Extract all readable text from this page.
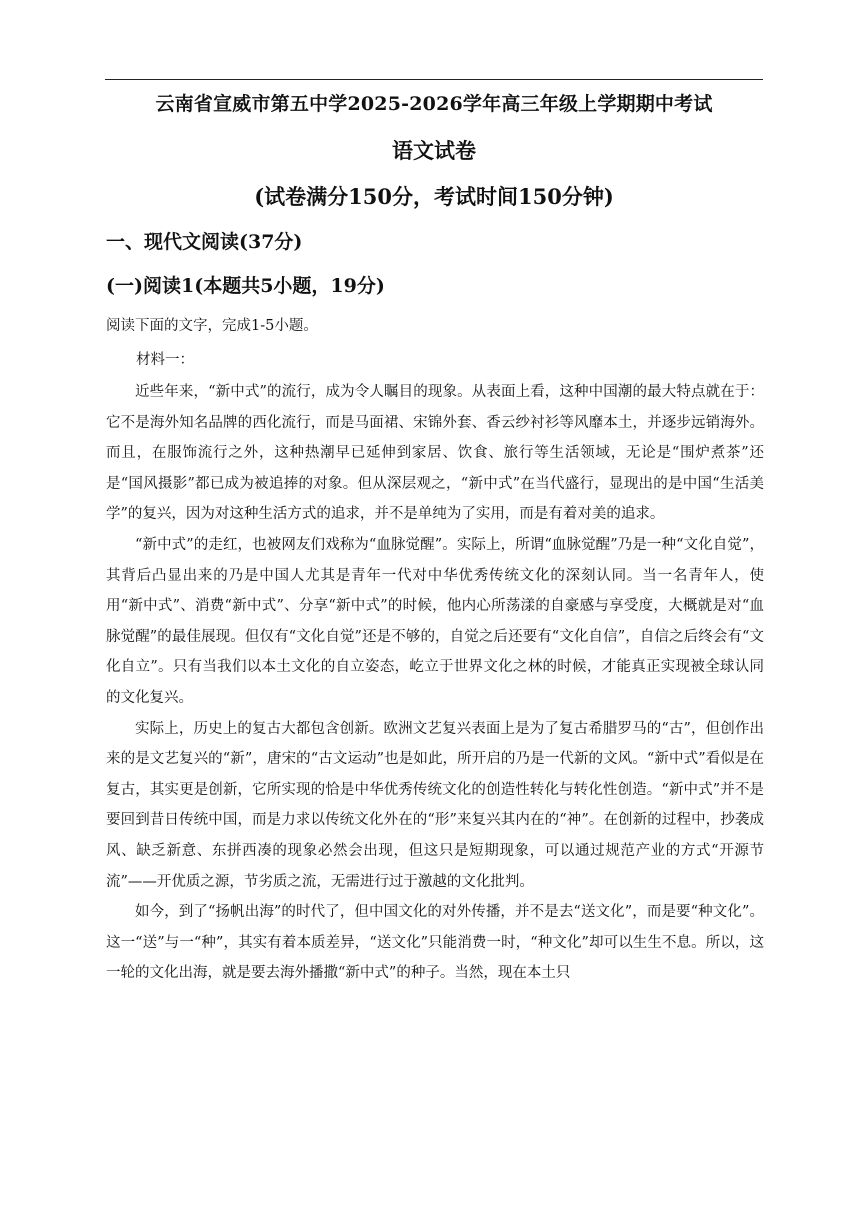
云南省宣威市第五中学2025-2026学年高三年级上学期期中考试
语文试卷
(试卷满分150分，考试时间150分钟)
一、现代文阅读(37分)
(一)阅读1(本题共5小题，19分)
阅读下面的文字，完成1-5小题。
材料一：

近些年来，“新中式”的流行，成为令人瞩目的现象。从表面上看，这种中国潮的最大特点就在于：它不是海外知名品牌的西化流行，而是马面裙、宋锦外套、香云纱衬衫等风靡本土，并逐步远销海外。而且，在服饰流行之外，这种热潮早已延伸到家居、饮食、旅行等生活领域，无论是“围炉煮茶”还是“国风摄影”都已成为被追捧的对象。但从深层观之，“新中式”在当代盛行，显现出的是中国“生活美学”的复兴，因为对这种生活方式的追求，并不是单纯为了实用，而是有着对美的追求。

“新中式”的走红，也被网友们戏称为“血脉觉醒”。实际上，所谓“血脉觉醒”乃是一种“文化自觉”，其背后凸显出来的乃是中国人尤其是青年一代对中华优秀传统文化的深刻认同。当一名青年人，使用“新中式”、消费“新中式”、分享“新中式”的时候，他内心所荡漾的自豪感与享受度，大概就是对“血脉觉醒”的最佳展现。但仅有“文化自觉”还是不够的，自觉之后还要有“文化自信”，自信之后终会有“文化自立”。只有当我们以本土文化的自立姿态，屹立于世界文化之林的时候，才能真正实现被全球认同的文化复兴。

实际上，历史上的复古大都包含创新。欧洲文艺复兴表面上是为了复古希腊罗马的“古”，但创作出来的是文艺复兴的“新”，唐宋的“古文运动”也是如此，所开启的乃是一代新的文风。“新中式”看似是在复古，其实更是创新，它所实现的恰是中华优秀传统文化的创造性转化与转化性创造。“新中式”并不是要回到昔日传统中国，而是力求以传统文化外在的“形”来复兴其内在的“神”。在创新的过程中，抄袭成风、缺乏新意、东拼西凑的现象必然会出现，但这只是短期现象，可以通过规范产业的方式“开源节流”——开优质之源，节劣质之流，无需进行过于激越的文化批判。

如今，到了“扬帆出海”的时代了，但中国文化的对外传播，并不是去“送文化”，而是要“种文化”。这一“送”与一“种”，其实有着本质差异，“送文化”只能消费一时，“种文化”却可以生生不息。所以，这一轮的文化出海，就是要去海外播撒“新中式”的种子。当然，现在本土只
